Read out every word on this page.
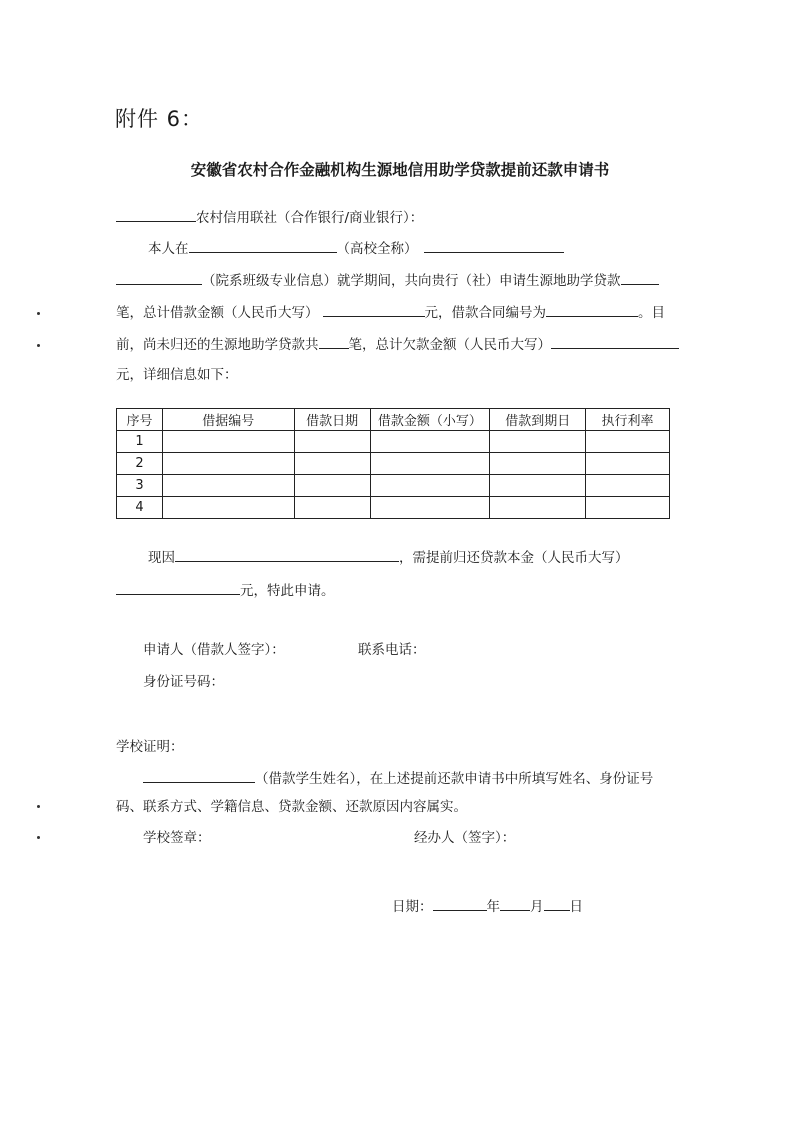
附件 6：
安徽省农村合作金融机构生源地信用助学贷款提前还款申请书
农村信用联社（合作银行/商业银行）：
本人在	（高校全称）
（院系班级专业信息）就学期间，共向贵行（社）申请生源地助学贷款
笔，总计借款金额（人民币大写）	元，借款合同编号为	。目
前，尚未归还的生源地助学贷款共 笔，总计欠款金额（人民币大写）
元，详细信息如下：
序号	借据编号	借款日期	借款金额（小写）	借款到期日	执行利率
1					
2					
3					
4					
现因	，需提前归还贷款本金（人民币大写）
元，特此申请。
申请人（借款人签字）：	联系电话：
身份证号码：
学校证明：
（借款学生姓名），在上述提前还款申请书中所填写姓名、身份证号
码、联系方式、学籍信息、贷款金额、还款原因内容属实。
学校签章：	经办人（签字）：
日期：	年 月 日
